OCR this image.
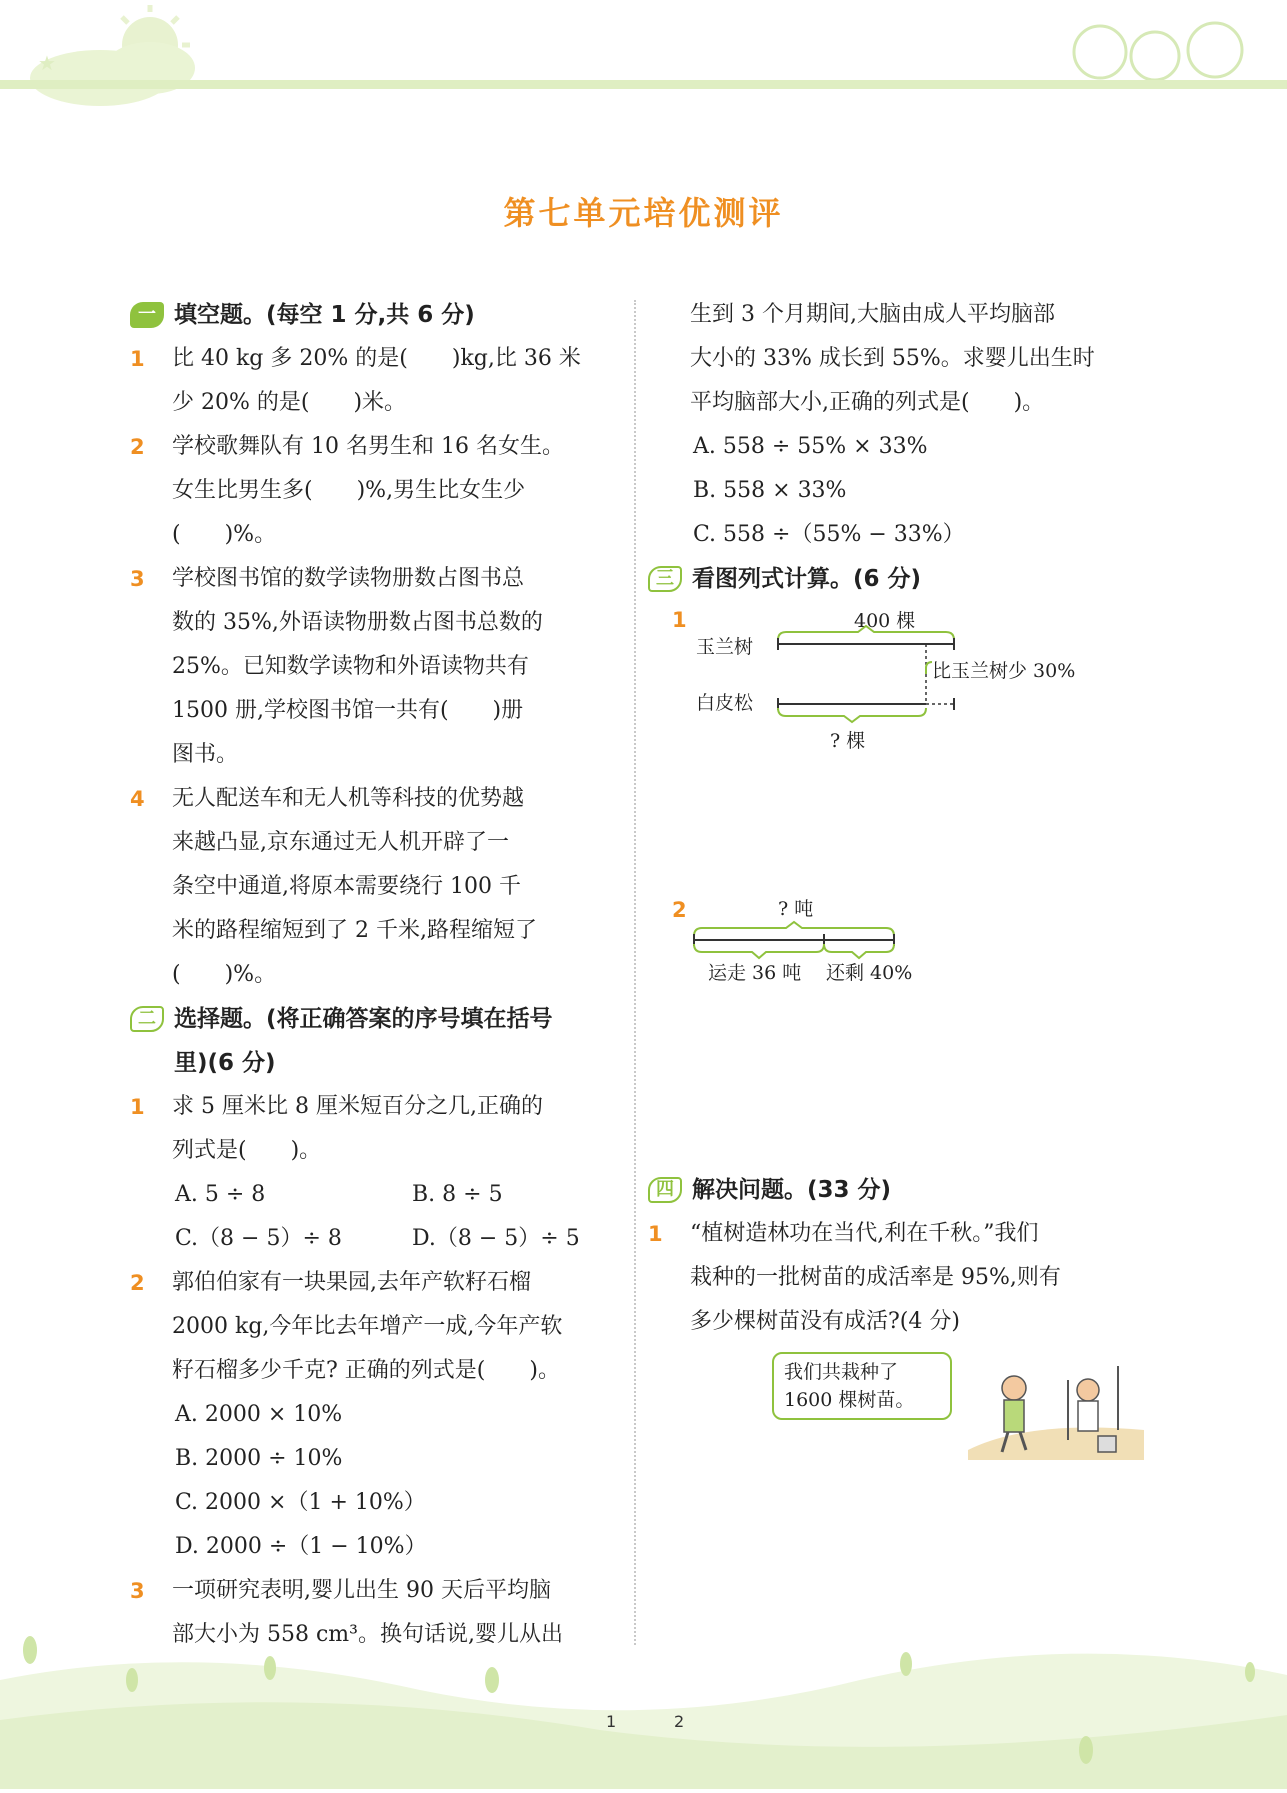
★
第七单元培优测评
一 填空题。(每空 1 分,共 6 分)
1 比 40 kg 多 20% 的是(　　)kg,比 36 米
少 20% 的是(　　)米。
2 学校歌舞队有 10 名男生和 16 名女生。
女生比男生多(　　)%,男生比女生少
(　　)%。
3 学校图书馆的数学读物册数占图书总
数的 35%,外语读物册数占图书总数的
25%。已知数学读物和外语读物共有
1500 册,学校图书馆一共有(　　)册
图书。
4 无人配送车和无人机等科技的优势越
来越凸显,京东通过无人机开辟了一
条空中通道,将原本需要绕行 100 千
米的路程缩短到了 2 千米,路程缩短了
(　　)%。
二 选择题。(将正确答案的序号填在括号
里)(6 分)
1 求 5 厘米比 8 厘米短百分之几,正确的
列式是(　　)。
A. 5 ÷ 8	B. 8 ÷ 5
C.（8 − 5）÷ 8	D.（8 − 5）÷ 5
2 郭伯伯家有一块果园,去年产软籽石榴
2000 kg,今年比去年增产一成,今年产软
籽石榴多少千克? 正确的列式是(　　)。
A. 2000 × 10%
B. 2000 ÷ 10%
C. 2000 ×（1 + 10%）
D. 2000 ÷（1 − 10%）
3 一项研究表明,婴儿出生 90 天后平均脑
部大小为 558 cm³。换句话说,婴儿从出
生到 3 个月期间,大脑由成人平均脑部
大小的 33% 成长到 55%。求婴儿出生时
平均脑部大小,正确的列式是(　　)。
A. 558 ÷ 55% × 33%
B. 558 × 33%
C. 558 ÷（55% − 33%）
三 看图列式计算。(6 分)
1	400 棵
玉兰树
白皮松
比玉兰树少 30%
? 棵
2	? 吨
运走 36 吨 还剩 40%
四 解决问题。(33 分)
1 “植树造林功在当代,利在千秋。”我们
栽种的一批树苗的成活率是 95%,则有
多少棵树苗没有成活?(4 分)
我们共栽种了
1600 棵树苗。
1	2
